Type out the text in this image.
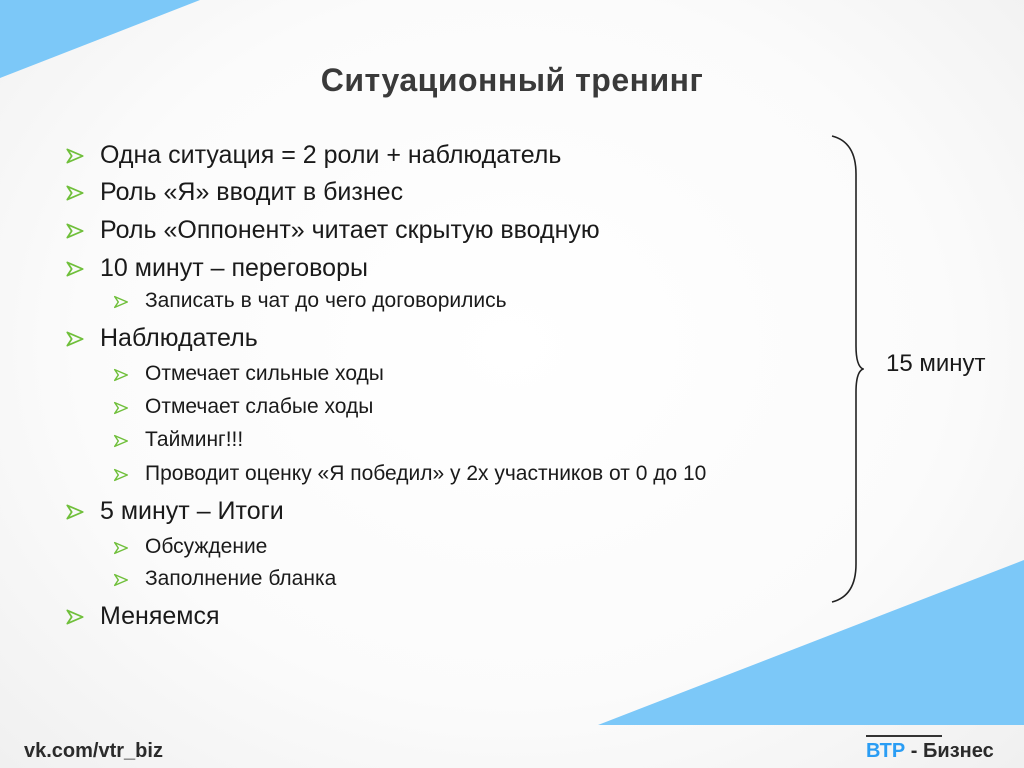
Ситуационный тренинг
Одна ситуация = 2 роли + наблюдатель
Роль «Я» вводит в бизнес
Роль «Оппонент» читает скрытую вводную
10 минут – переговоры
Записать в чат до чего договорились
Наблюдатель
Отмечает сильные ходы
Отмечает слабые ходы
Тайминг!!!
Проводит оценку «Я победил» у 2х участников от 0 до 10
5 минут – Итоги
Обсуждение
Заполнение бланка
Меняемся
15 минут
vk.com/vtr_biz	ВТР - Бизнес
